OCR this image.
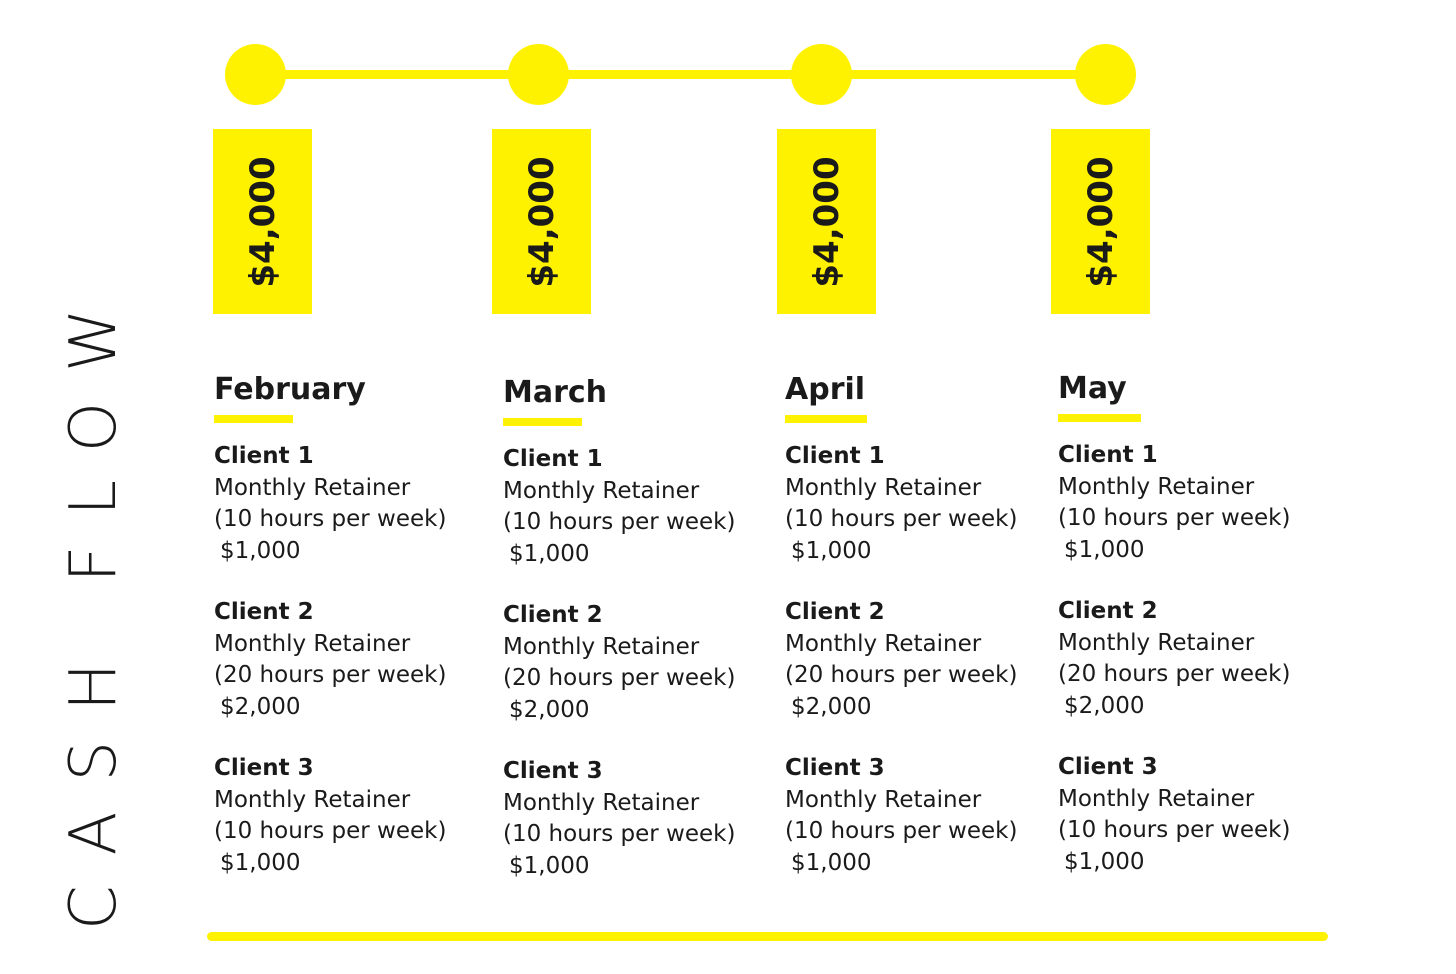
CASH FLOW
$4,000	$4,000	$4,000	$4,000
February
Client 1
Monthly Retainer
(10 hours per week)
$1,000
Client 2
Monthly Retainer
(20 hours per week)
$2,000
Client 3
Monthly Retainer
(10 hours per week)
$1,000
March
Client 1
Monthly Retainer
(10 hours per week)
$1,000
Client 2
Monthly Retainer
(20 hours per week)
$2,000
Client 3
Monthly Retainer
(10 hours per week)
$1,000
April
Client 1
Monthly Retainer
(10 hours per week)
$1,000
Client 2
Monthly Retainer
(20 hours per week)
$2,000
Client 3
Monthly Retainer
(10 hours per week)
$1,000
May
Client 1
Monthly Retainer
(10 hours per week)
$1,000
Client 2
Monthly Retainer
(20 hours per week)
$2,000
Client 3
Monthly Retainer
(10 hours per week)
$1,000
